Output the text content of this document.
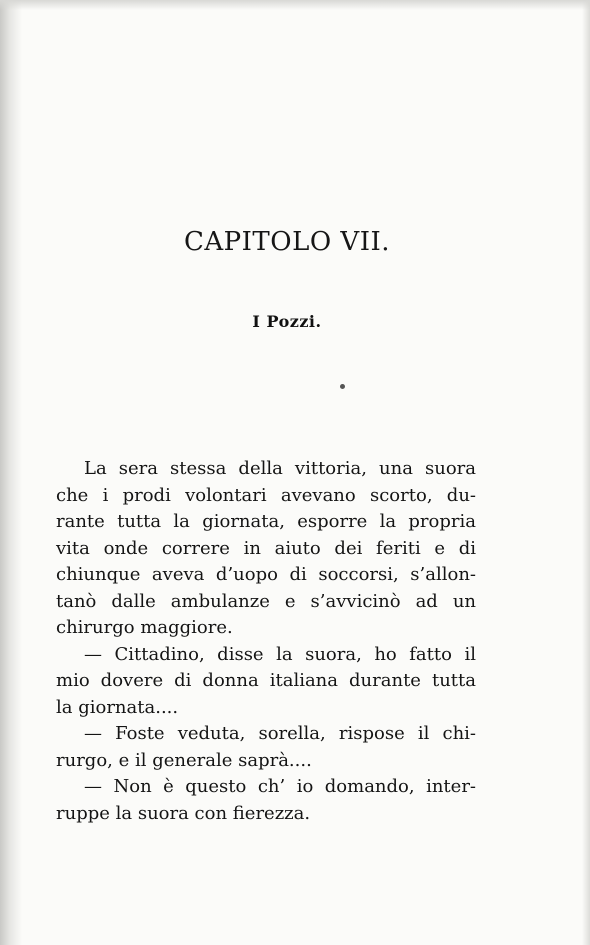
CAPITOLO VII.
I Pozzi.
La sera stessa della vittoria, una suora
che i prodi volontari avevano scorto, du-
rante tutta la giornata, esporre la propria
vita onde correre in aiuto dei feriti e di
chiunque aveva d’uopo di soccorsi, s’allon-
tanò dalle ambulanze e s’avvicinò ad un
chirurgo maggiore.
— Cittadino, disse la suora, ho fatto il
mio dovere di donna italiana durante tutta
la giornata....
— Foste veduta, sorella, rispose il chi-
rurgo, e il generale saprà....
— Non è questo ch’ io domando, inter-
ruppe la suora con fierezza.
